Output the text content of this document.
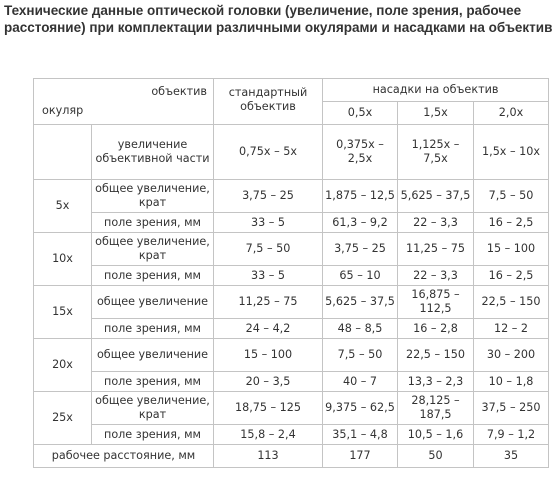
Технические данные оптической головки (увеличение, поле зрения, рабочее расстояние) при комплектации различными окулярами и насадками на объектив
объектив
окуляр		стандартный объектив	насадки на объектив		
			0,5x	1,5x	2,0x
	увеличение объективной части	0,75x – 5x	0,375x – 2,5x	1,125x – 7,5x	1,5x – 10x
5x	общее увеличение, крат	3,75 – 25	1,875 – 12,5	5,625 – 37,5	7,5 – 50
	поле зрения, мм	33 – 5	61,3 – 9,2	22 – 3,3	16 – 2,5
10x	общее увеличение, крат	7,5 – 50	3,75 – 25	11,25 – 75	15 – 100
	поле зрения, мм	33 – 5	65 – 10	22 – 3,3	16 – 2,5
15x	общее увеличение	11,25 – 75	5,625 – 37,5	16,875 – 112,5	22,5 – 150
	поле зрения, мм	24 – 4,2	48 – 8,5	16 – 2,8	12 – 2
20x	общее увеличение	15 – 100	7,5 – 50	22,5 – 150	30 – 200
	поле зрения, мм	20 – 3,5	40 – 7	13,3 – 2,3	10 – 1,8
25x	общее увеличение, крат	18,75 – 125	9,375 – 62,5	28,125 – 187,5	37,5 – 250
	поле зрения, мм	15,8 – 2,4	35,1 – 4,8	10,5 – 1,6	7,9 – 1,2
рабочее расстояние, мм		113	177	50	35
